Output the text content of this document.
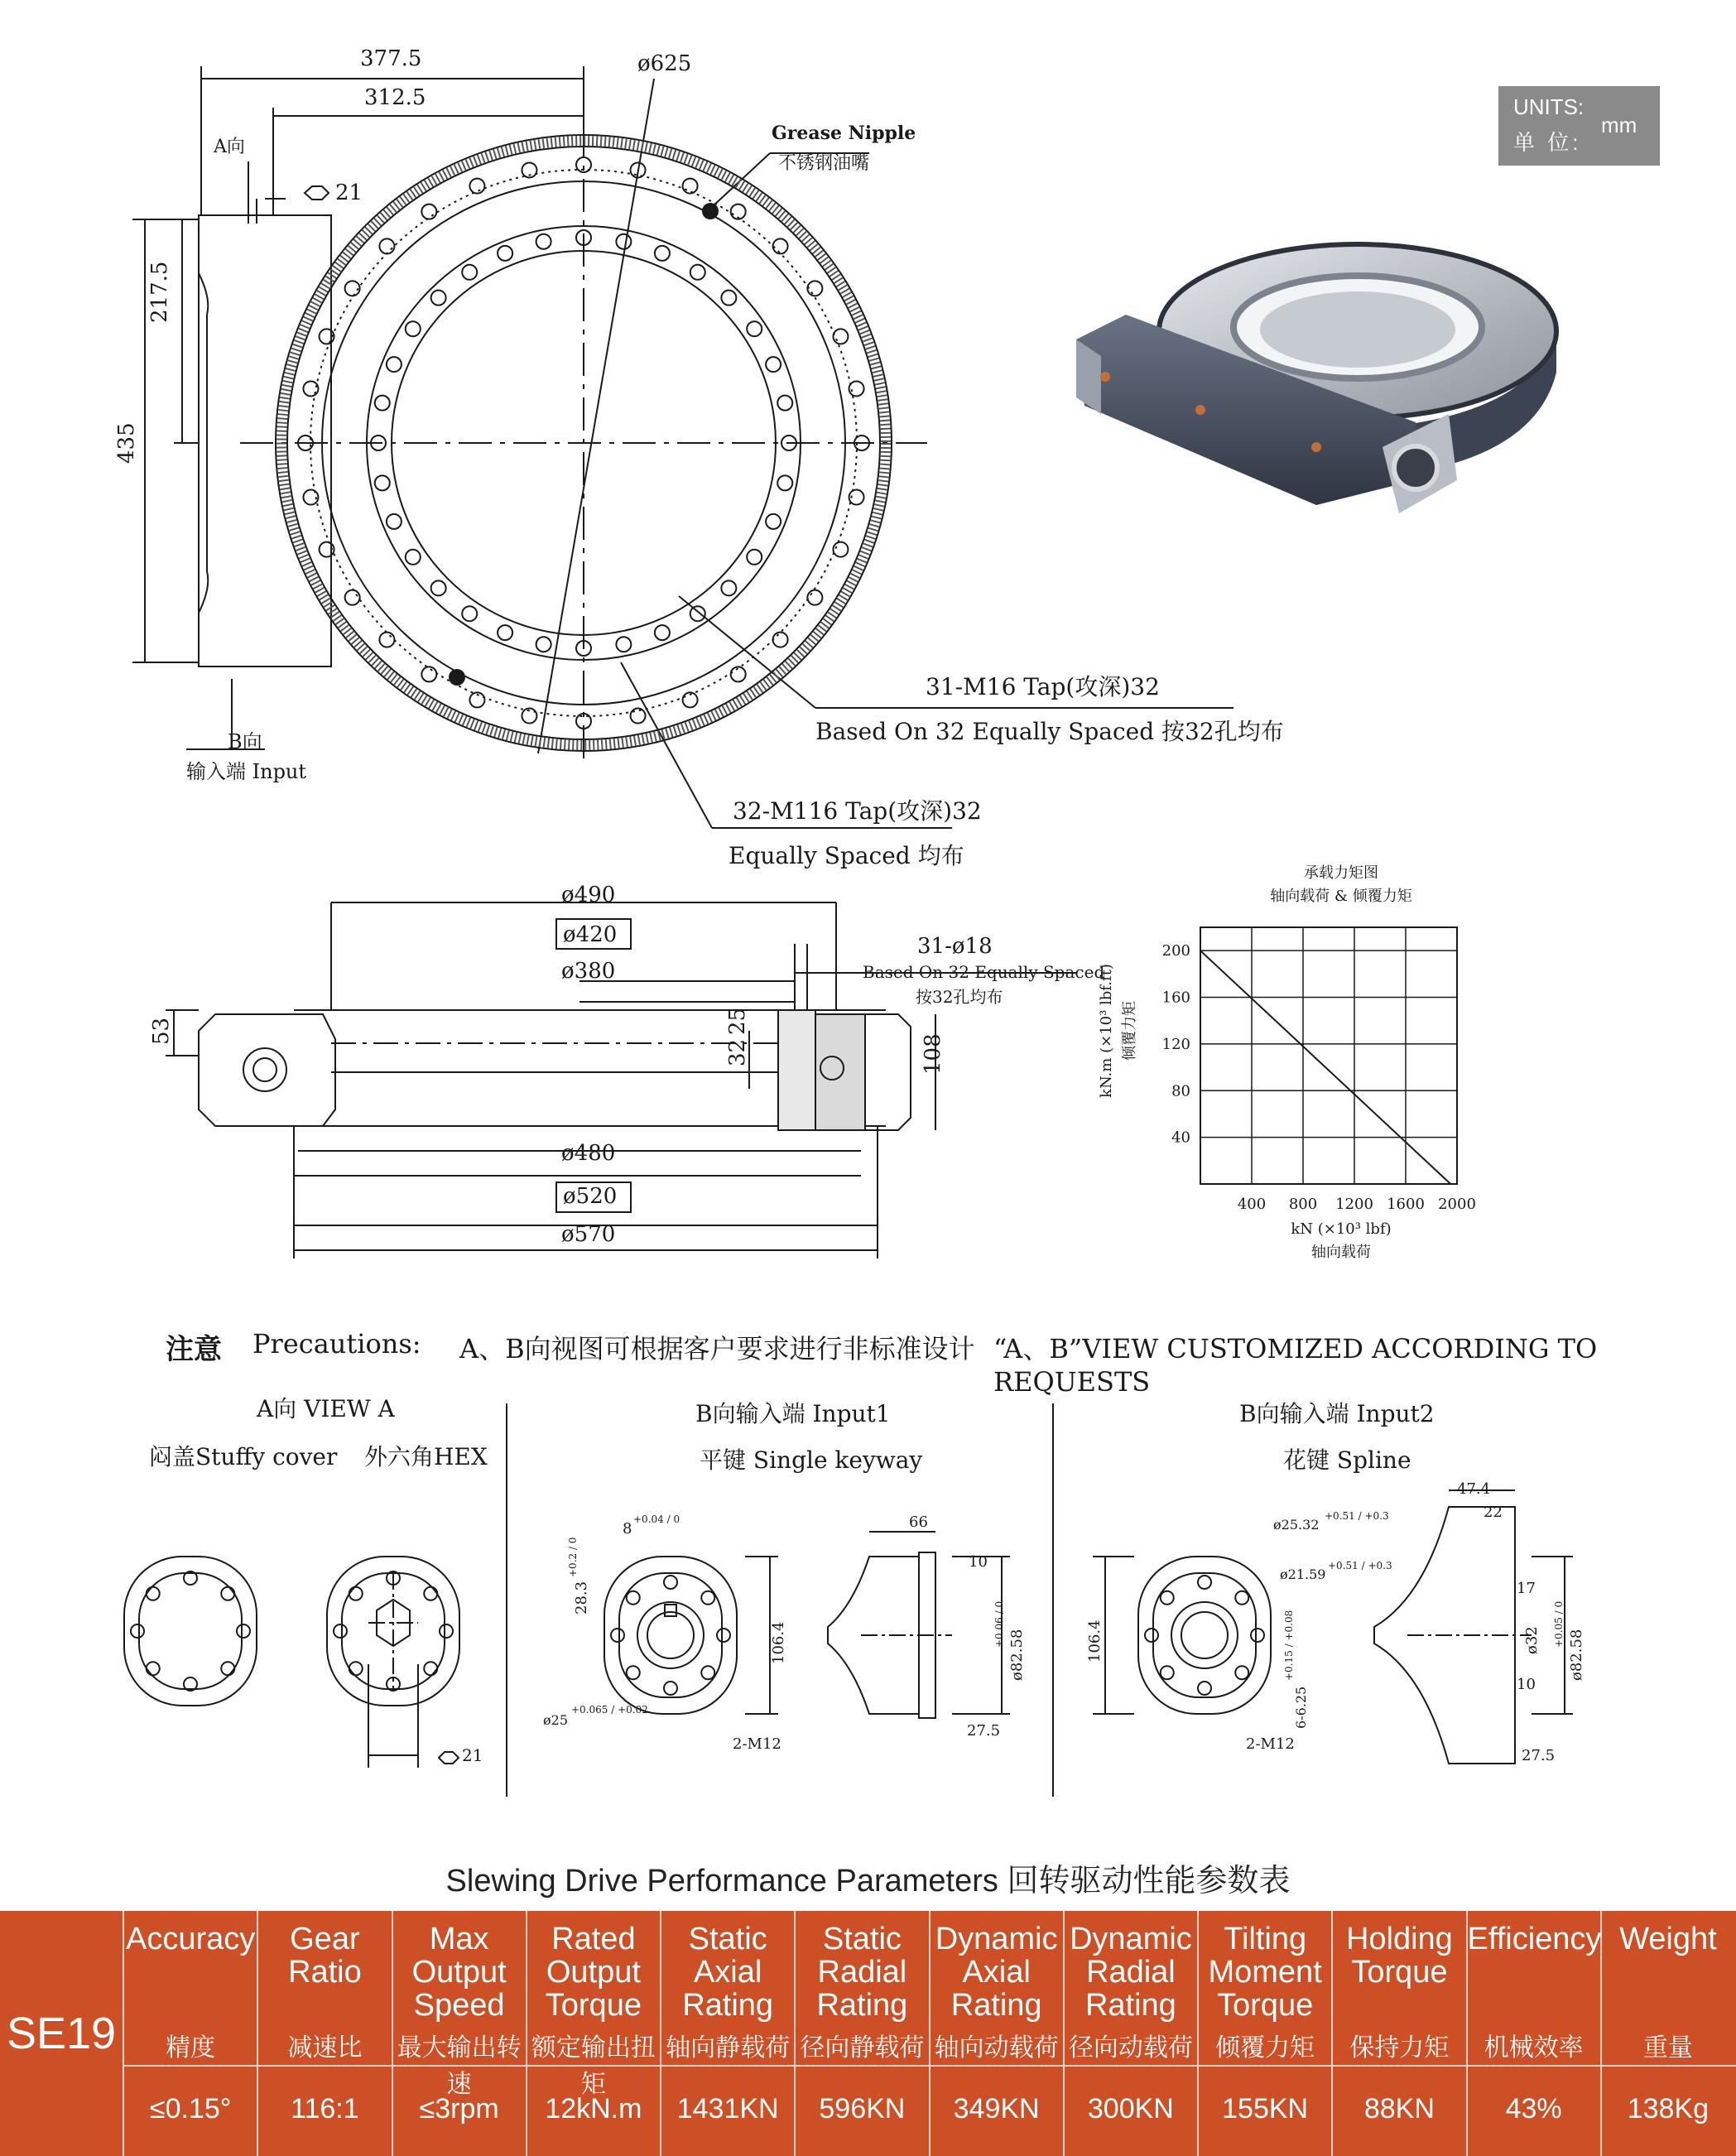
UNITS:
单 位:
mm
377.5
312.5
ø625
A向
21
217.5
435
Grease Nipple
不锈钢油嘴
31-M16 Tap(攻深)32
Based On 32 Equally Spaced 按32孔均布
32-M116 Tap(攻深)32
Equally Spaced 均布
B向
输入端 Input
ø490
ø420
ø380
ø480
ø520
ø570
53
32
25
108
31-ø18
Based On 32 Equally Spaced
按32孔均布
承载力矩图
轴向载荷 & 倾覆力矩
400 800 1200 1600 2000
200
160
120
80
40
kN (×10³ lbf)
轴向载荷
kN.m (×10³ lbf.ft) 倾覆力矩
注意 Precautions: A、B向视图可根据客户要求进行非标准设计 “A、B”VIEW CUSTOMIZED ACCORDING TO REQUESTS
A向 VIEW A
闷盖Stuffy cover 外六角HEX
21
B向输入端 Input1
平键 Single keyway
8
+0.04 / 0
28.3
+0.2 / 0
106.4
ø25
+0.065 / +0.02
2-M12
66
10
ø82.58
+0.06 / 0
27.5
B向输入端 Input2
花键 Spline
ø25.32
+0.51 / +0.3
ø21.59
+0.51 / +0.3
106.4
6-6.25
+0.15 / +0.08
2-M12
47.4
22
17
ø32
10
ø82.58
+0.05 / 0
27.5
Slewing Drive Performance Parameters 回转驱动性能参数表
SE19
Accuracy
精度
≤0.15°
Gear
Ratio
减速比
116:1
Max
Output
Speed
最大输出转速
≤3rpm
Rated
Output
Torque
额定输出扭矩
12kN.m
Static
Axial
Rating
轴向静载荷
1431KN
Static
Radial
Rating
径向静载荷
596KN
Dynamic
Axial
Rating
轴向动载荷
349KN
Dynamic
Radial
Rating
径向动载荷
300KN
Tilting
Moment
Torque
倾覆力矩
155KN
Holding
Torque
保持力矩
88KN
Efficiency
机械效率
43%
Weight
重量
138Kg
